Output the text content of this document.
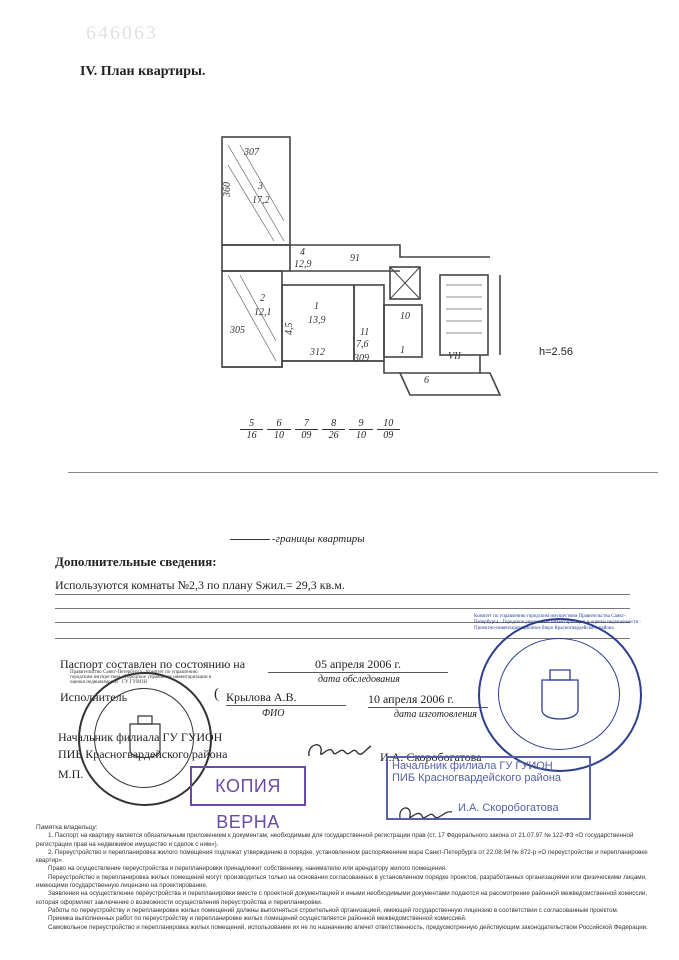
646063
IV. План квартиры.
307
360	3
17,2
4
12,9
91
2
12,1
305
1
13,9
4,5
312
11
7,6
309
10
1
VII
6
h=2.56
$\frac{5}{16} \frac{6}{10} \frac{7}{09} \frac{8}{26} \frac{9}{10} \frac{10}{09}$
-границы квартиры
Дополнительные сведения:
Используются комнаты №2,3 по плану Sжил.= 29,3 кв.м.
Паспорт составлен по состоянию на	05 апреля 2006 г.
дата обследования
Исполнитель	( Крылова А.В.
ФИО
10 апреля 2006 г.
дата изготовления
Начальник филиала ГУ ГУИОН
ПИБ Красногвардейского района
М.П.
И.А. Скоробогатова
Правительство Санкт-Петербурга · Комитет по управлению городским имуществом · Городское управление инвентаризации и оценки недвижимости · ГУ ГУИОН
Комитет по управлению городским имуществом Правительства Санкт-Петербурга · Городское управление инвентаризации и оценки недвижимости · Проектно-инвентаризационное бюро Красногвардейского района
КОПИЯ ВЕРНА
Начальник филиала ГУ ГУИОН
ПИБ Красногвардейского района
И.А. Скоробогатова
Памятка владельцу:
1. Паспорт на квартиру является обязательным приложением к документам, необходимым для государственной регистрации прав (ст. 17 Федерального закона от 21.07.97 № 122-ФЗ «О государственной регистрации прав на недвижимое имущество и сделок с ним»).
2. Переустройство и перепланировка жилого помещения подлежат утверждению в порядке, установленном распоряжением мэра Санкт-Петербурга от 22.08.94 № 872-р «О переустройстве и перепланировке квартир».
Право на осуществление переустройства и перепланировки принадлежит собственнику, нанимателю или арендатору жилого помещения.
Переустройство и перепланировка жилых помещений могут производиться только на основании согласованных в установленном порядке проектов, разработанных организациями или физическими лицами, имеющими государственную лицензию на проектирование.
Заявления на осуществление переустройства и перепланировки вместе с проектной документацией и иными необходимыми документами подаются на рассмотрение районной межведомственной комиссии, которая оформляет заключение о возможности осуществления переустройства и перепланировки.
Работы по переустройству и перепланировке жилых помещений должны выполняться строительной организацией, имеющей государственную лицензию в соответствии с согласованным проектом.
Приемка выполненных работ по переустройству и перепланировке жилых помещений осуществляется районной межведомственной комиссией.
Самовольное переустройство и перепланировка жилых помещений, использование их не по назначению влечет ответственность, предусмотренную действующим законодательством Российской Федерации.
